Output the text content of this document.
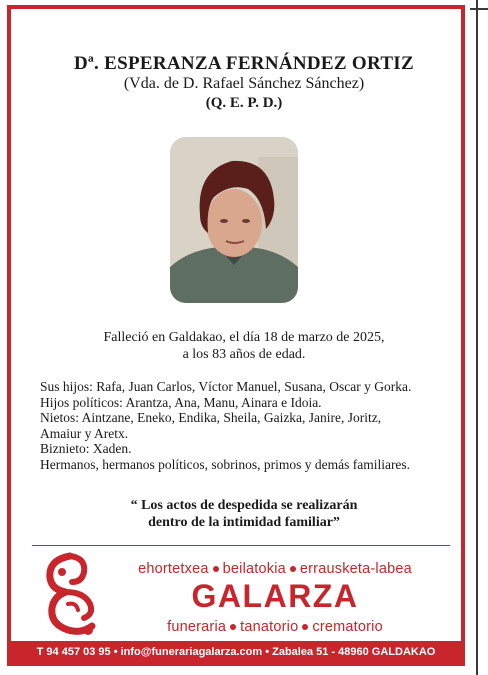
Dª. ESPERANZA FERNÁNDEZ ORTIZ
(Vda. de D. Rafael Sánchez Sánchez)
(Q. E. P. D.)
Falleció en Galdakao, el día 18 de marzo de 2025,
a los 83 años de edad.
Sus hijos: Rafa, Juan Carlos, Víctor Manuel, Susana, Oscar y Gorka.
Hijos políticos: Arantza, Ana, Manu, Ainara e Idoia.
Nietos: Aintzane, Eneko, Endika, Sheila, Gaizka, Janire, Joritz,
Amaiur y Aretx.
Biznieto: Xaden.
Hermanos, hermanos políticos, sobrinos, primos y demás familiares.
“ Los actos de despedida se realizarán
dentro de la intimidad familiar”
ehortetxea beilatokia errausketa-labea
GALARZA
funeraria tanatorio crematorio
T 94 457 03 95 • info@funerariagalarza.com • Zabalea 51 - 48960 GALDAKAO
